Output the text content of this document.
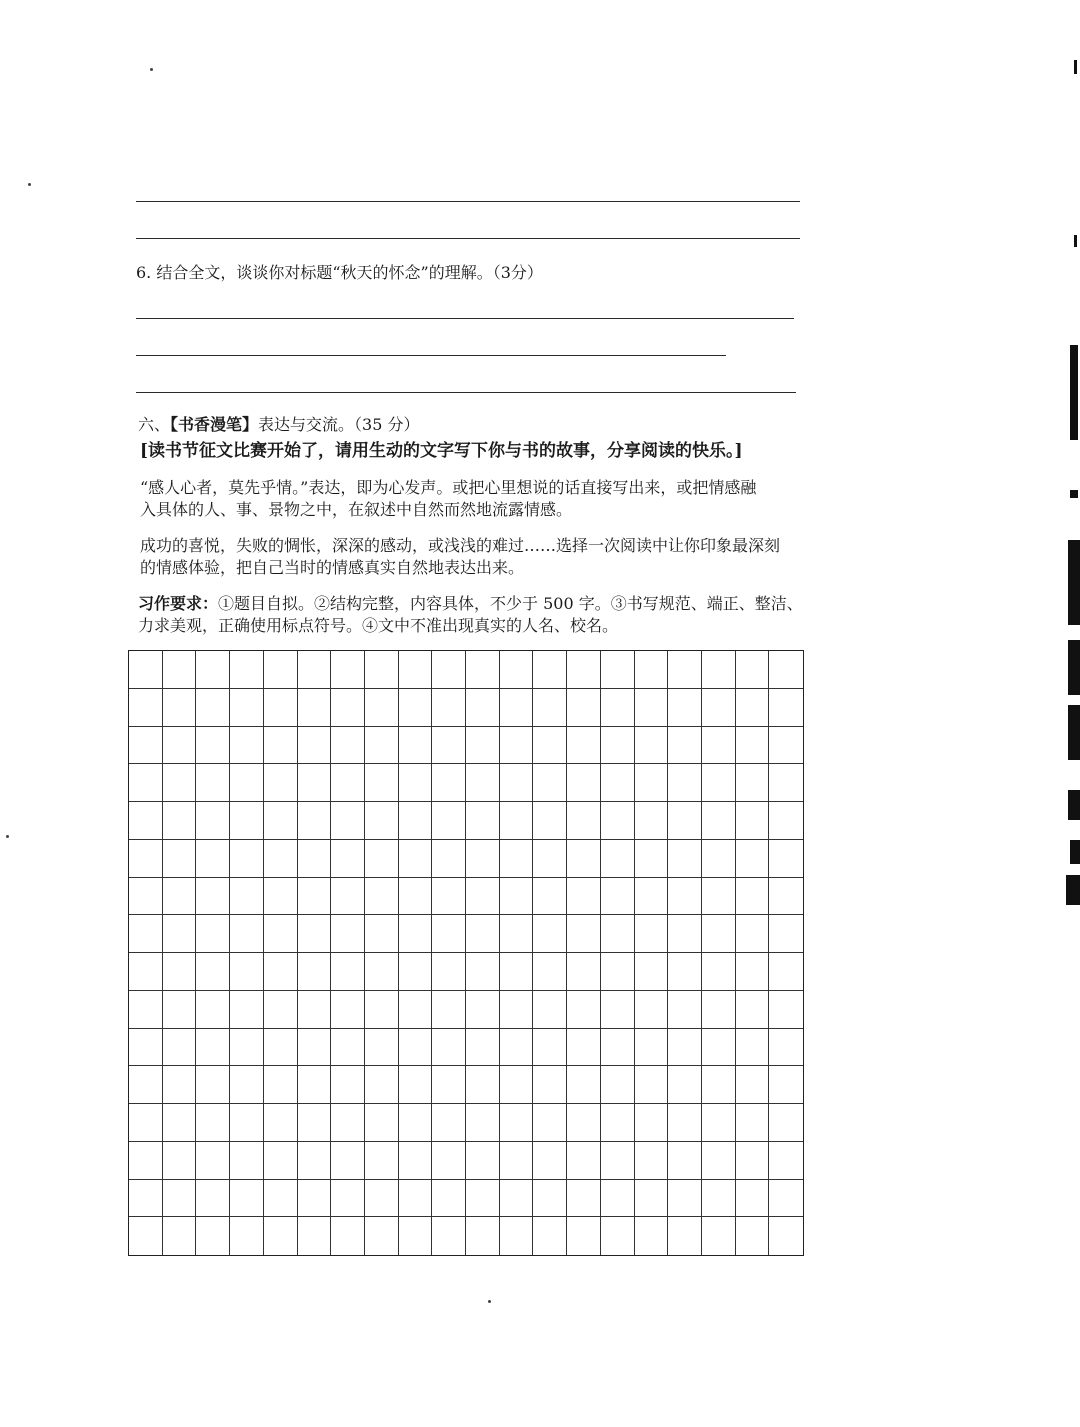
6. 结合全文，谈谈你对标题“秋天的怀念”的理解。（3分）
六、【书香漫笔】表达与交流。（35 分）
[读书节征文比赛开始了，请用生动的文字写下你与书的故事，分享阅读的快乐。]
“感人心者，莫先乎情。”表达，即为心发声。或把心里想说的话直接写出来，或把情感融
入具体的人、事、景物之中，在叙述中自然而然地流露情感。
成功的喜悦，失败的惆怅，深深的感动，或浅浅的难过……选择一次阅读中让你印象最深刻
的情感体验，把自己当时的情感真实自然地表达出来。
习作要求：①题目自拟。②结构完整，内容具体，不少于 500 字。③书写规范、端正、整洁、
力求美观，正确使用标点符号。④文中不准出现真实的人名、校名。
